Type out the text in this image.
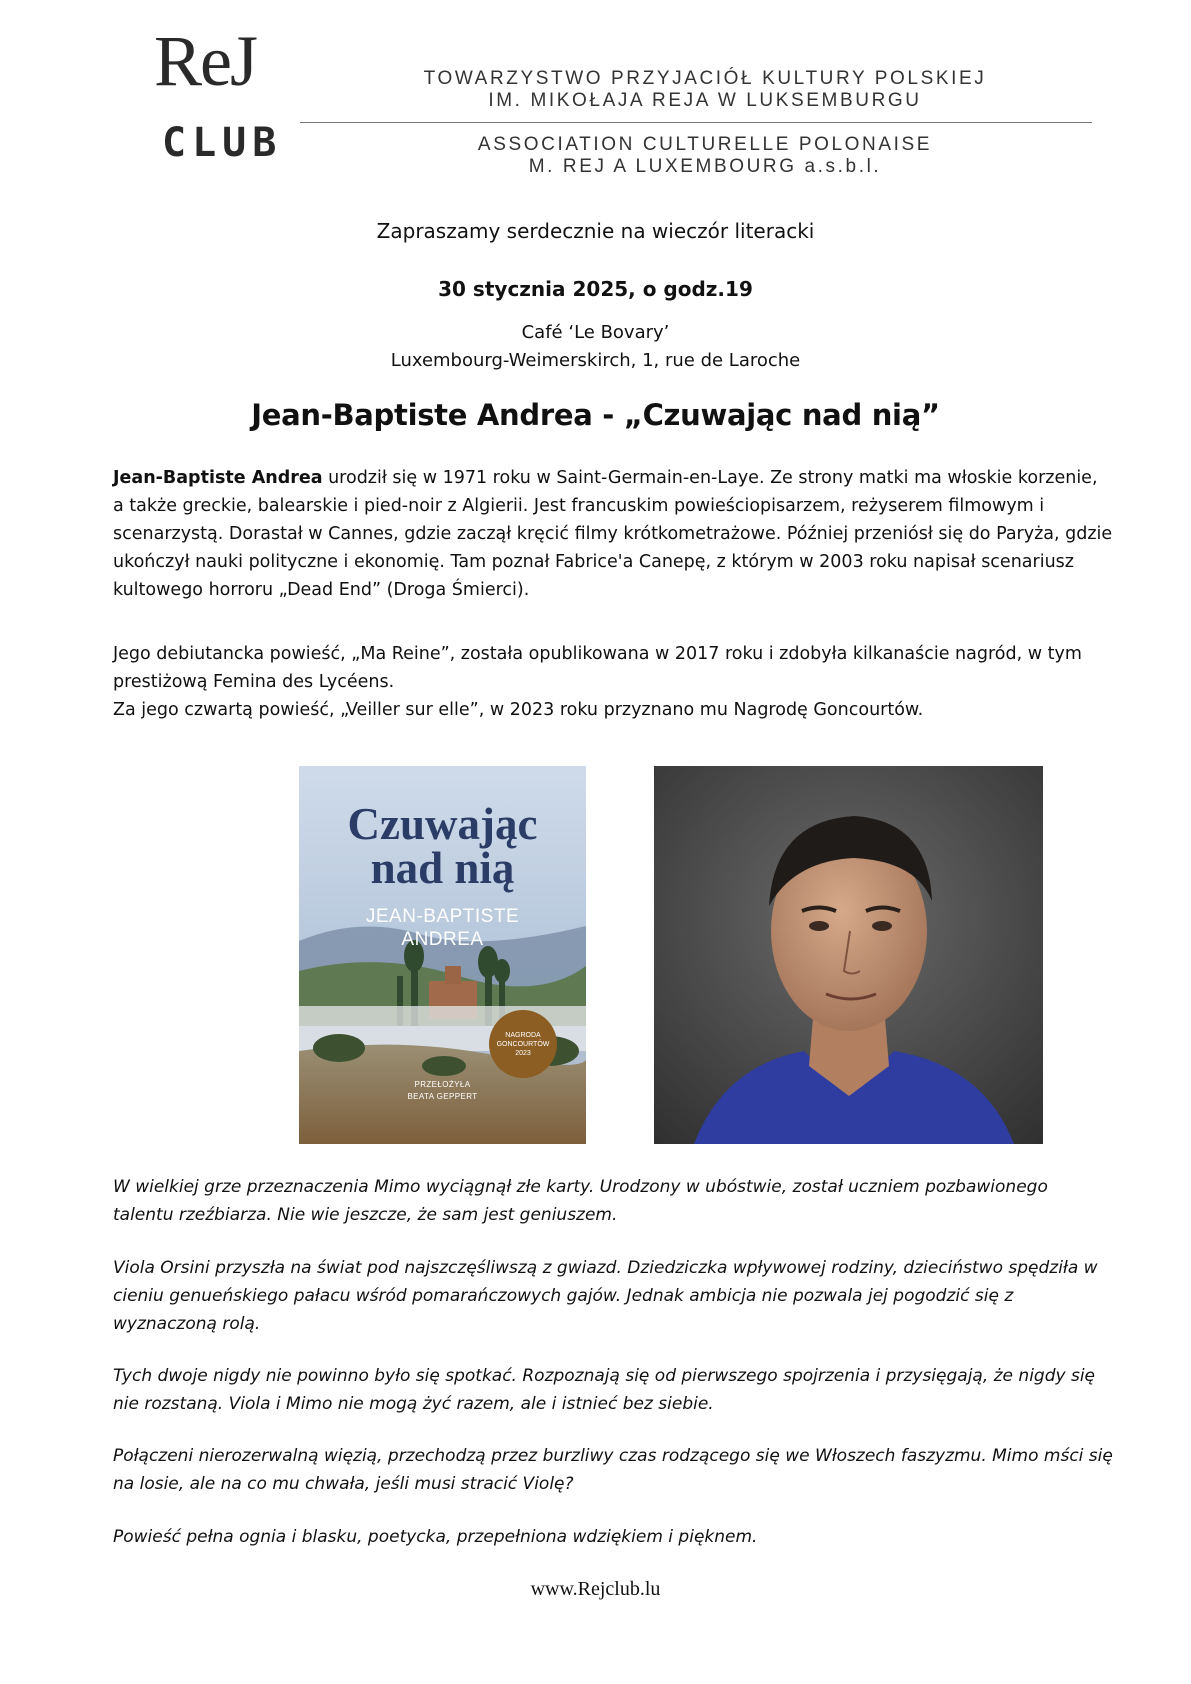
ReJ
CLUB
TOWARZYSTWO PRZYJACIÓŁ KULTURY POLSKIEJ
IM. MIKOŁAJA REJA W LUKSEMBURGU
ASSOCIATION CULTURELLE POLONAISE
M. REJ A LUXEMBOURG a.s.b.l.
Zapraszamy serdecznie na wieczór literacki
30 stycznia 2025, o godz.19
Café ‘Le Bovary’
Luxembourg-Weimerskirch, 1, rue de Laroche
Jean-Baptiste Andrea - „Czuwając nad nią”
Jean-Baptiste Andrea urodził się w 1971 roku w Saint-Germain-en-Laye. Ze strony matki ma włoskie korzenie, a także greckie, balearskie i pied-noir z Algierii. Jest francuskim powieściopisarzem, reżyserem filmowym i scenarzystą. Dorastał w Cannes, gdzie zaczął kręcić filmy krótkometrażowe. Później przeniósł się do Paryża, gdzie ukończył nauki polityczne i ekonomię. Tam poznał Fabrice'a Canepę, z którym w 2003 roku napisał scenariusz kultowego horroru „Dead End” (Droga Śmierci).
Jego debiutancka powieść, „Ma Reine”, została opublikowana w 2017 roku i zdobyła kilkanaście nagród, w tym prestiżową Femina des Lycéens.
Za jego czwartą powieść, „Veiller sur elle”, w 2023 roku przyznano mu Nagrodę Goncourtów.
Czuwając
nad nią
JEAN-BAPTISTE
ANDREA
NAGRODA
GONCOURTÓW
2023
PRZEŁOŻYŁA
BEATA GEPPERT
W wielkiej grze przeznaczenia Mimo wyciągnął złe karty. Urodzony w ubóstwie, został uczniem pozbawionego talentu rzeźbiarza. Nie wie jeszcze, że sam jest geniuszem.
Viola Orsini przyszła na świat pod najszczęśliwszą z gwiazd. Dziedziczka wpływowej rodziny, dzieciństwo spędziła w cieniu genueńskiego pałacu wśród pomarańczowych gajów. Jednak ambicja nie pozwala jej pogodzić się z wyznaczoną rolą.
Tych dwoje nigdy nie powinno było się spotkać. Rozpoznają się od pierwszego spojrzenia i przysięgają, że nigdy się nie rozstaną. Viola i Mimo nie mogą żyć razem, ale i istnieć bez siebie.
Połączeni nierozerwalną więzią, przechodzą przez burzliwy czas rodzącego się we Włoszech faszyzmu. Mimo mści się na losie, ale na co mu chwała, jeśli musi stracić Violę?
Powieść pełna ognia i blasku, poetycka, przepełniona wdziękiem i pięknem.
www.Rejclub.lu
